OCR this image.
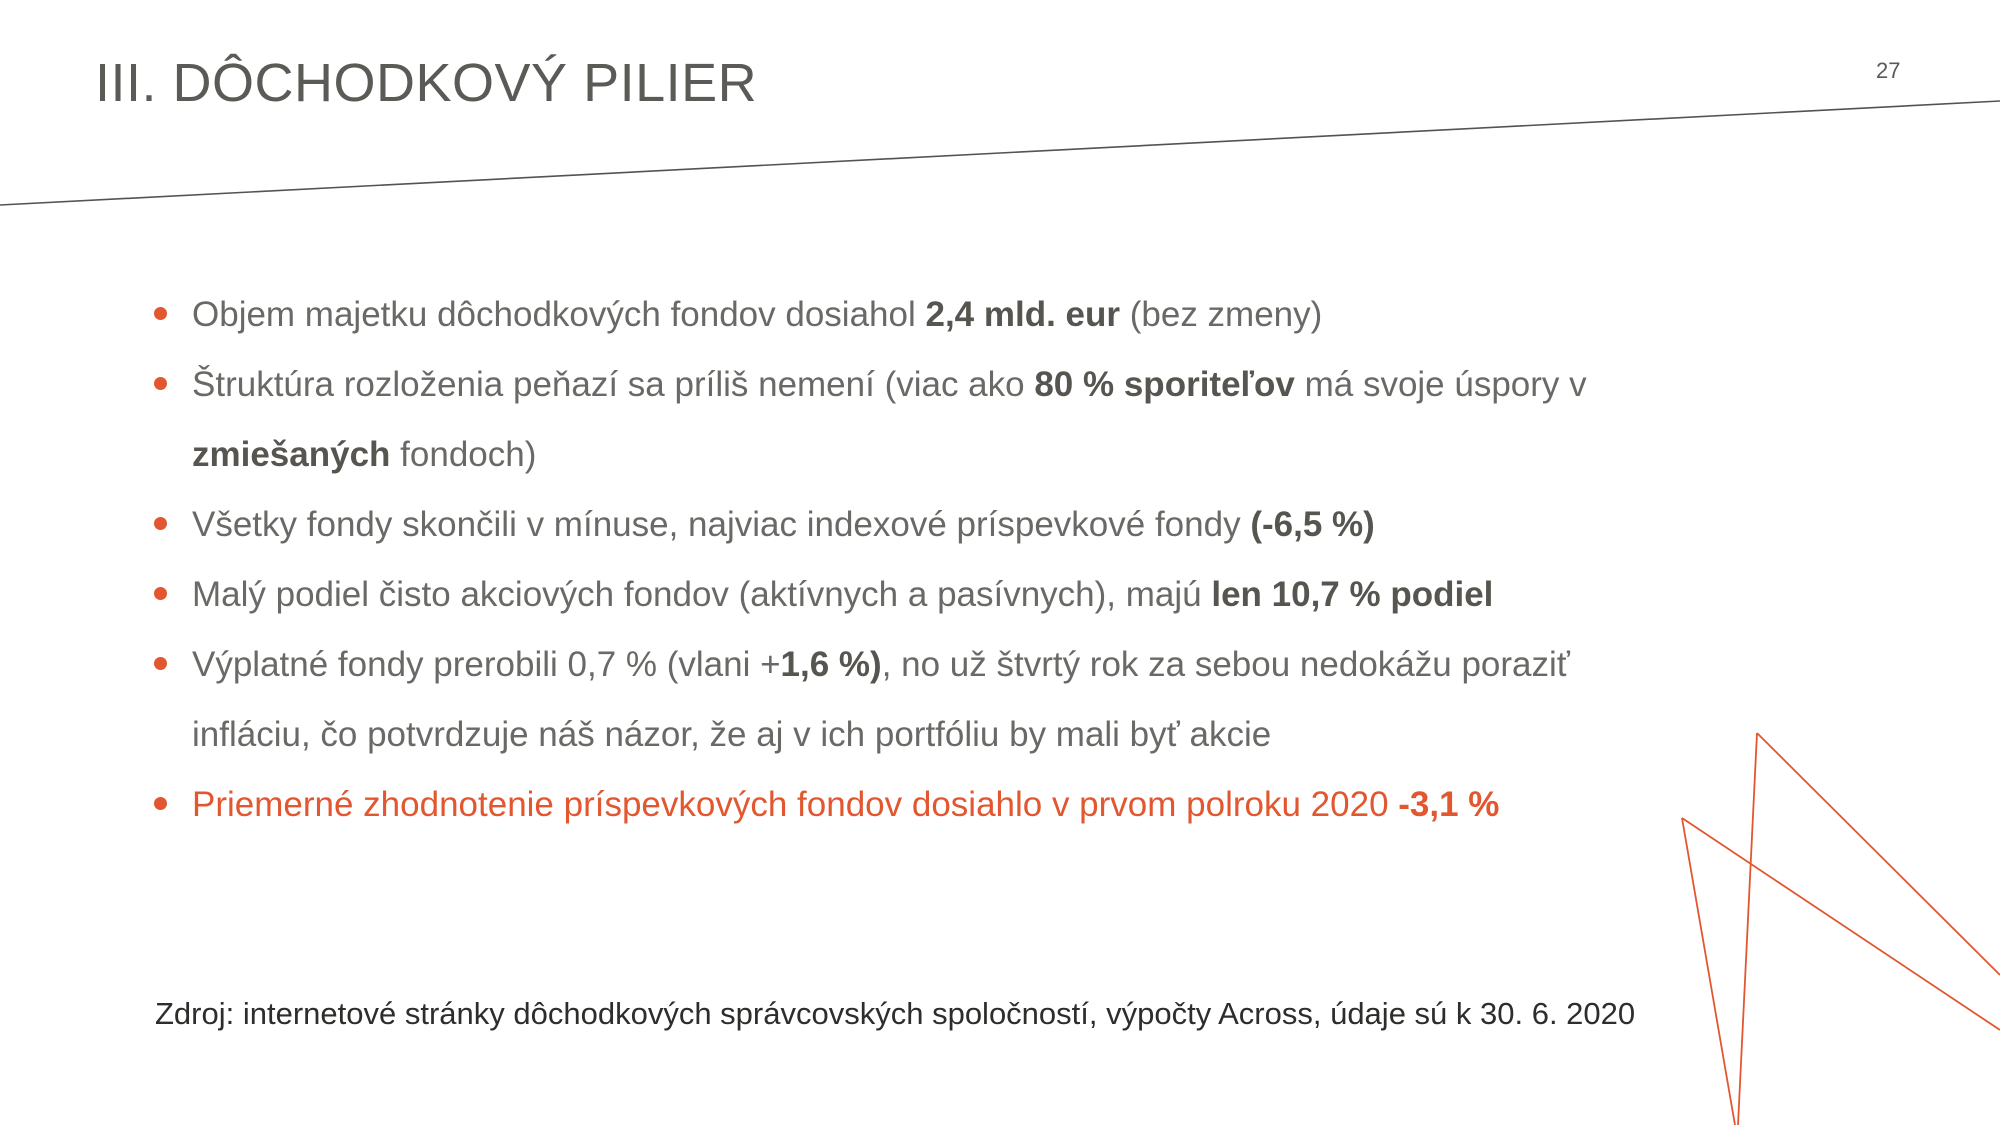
III. DÔCHODKOVÝ PILIER	27
Objem majetku dôchodkových fondov dosiahol 2,4 mld. eur (bez zmeny)
Štruktúra rozloženia peňazí sa príliš nemení (viac ako 80 % sporiteľov má svoje úspory v zmiešaných fondoch)
Všetky fondy skončili v mínuse, najviac indexové príspevkové fondy (-6,5 %)
Malý podiel čisto akciových fondov (aktívnych a pasívnych), majú len 10,7 % podiel
Výplatné fondy prerobili 0,7 % (vlani +1,6 %), no už štvrtý rok za sebou nedokážu poraziť infláciu, čo potvrdzuje náš názor, že aj v ich portfóliu by mali byť akcie
Priemerné zhodnotenie príspevkových fondov dosiahlo v prvom polroku 2020 -3,1 %
Zdroj: internetové stránky dôchodkových správcovských spoločností, výpočty Across, údaje sú k 30. 6. 2020
